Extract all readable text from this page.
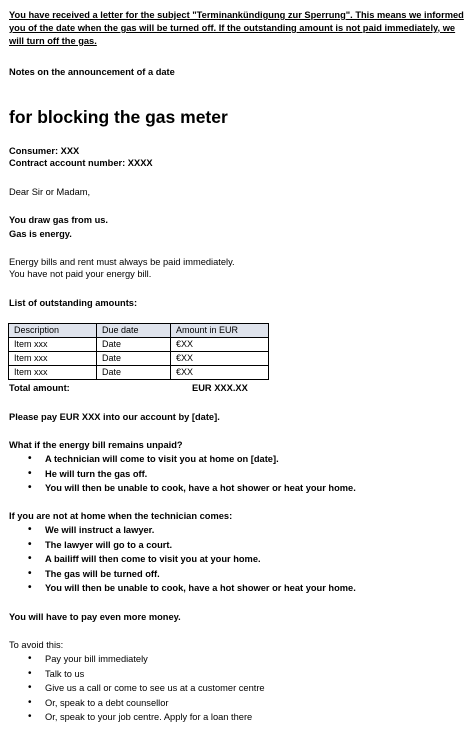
You have received a letter for the subject "Terminankündigung zur Sperrung". This means we informed you of the date when the gas will be turned off. If the outstanding amount is not paid immediately, we will turn off the gas.
Notes on the announcement of a date
for blocking the gas meter
Consumer: XXX
Contract account number: XXXX
Dear Sir or Madam,
You draw gas from us.
Gas is energy.
Energy bills and rent must always be paid immediately.
You have not paid your energy bill.
List of outstanding amounts:
Description	Due date	Amount in EUR
Item xxx	Date	€XX
Item xxx	Date	€XX
Item xxx	Date	€XX
Total amount:	EUR XXX.XX
Please pay EUR XXX into our account by [date].
What if the energy bill remains unpaid?
• A technician will come to visit you at home on [date].
• He will turn the gas off.
• You will then be unable to cook, have a hot shower or heat your home.
If you are not at home when the technician comes:
• We will instruct a lawyer.
• The lawyer will go to a court.
• A bailiff will then come to visit you at your home.
• The gas will be turned off.
• You will then be unable to cook, have a hot shower or heat your home.
You will have to pay even more money.
To avoid this:
• Pay your bill immediately
• Talk to us
• Give us a call or come to see us at a customer centre
• Or, speak to a debt counsellor
• Or, speak to your job centre. Apply for a loan there
